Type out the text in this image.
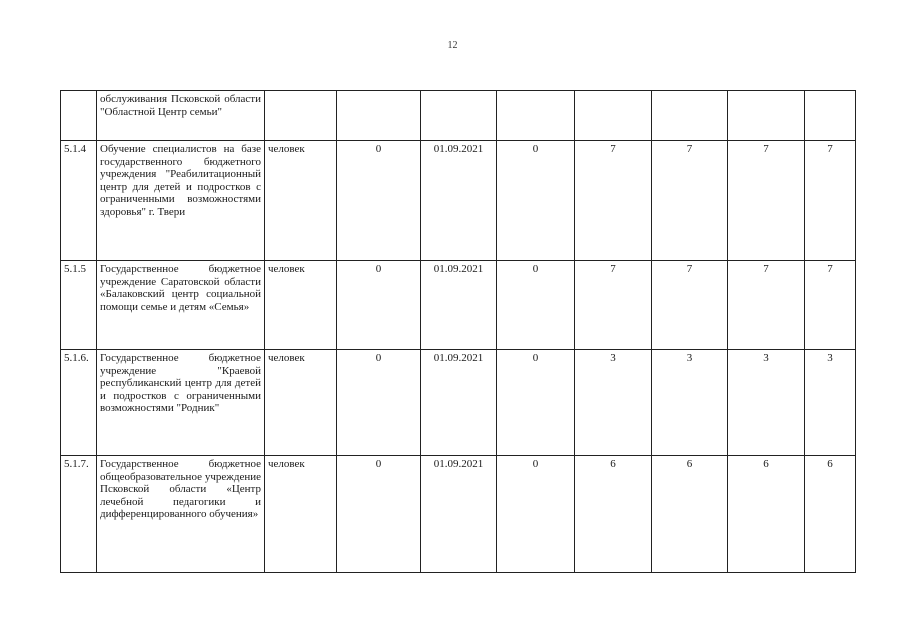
12

	обслуживания Псковской области "Областной Центр семьи"								

5.1.4	Обучение специалистов на базе государственного бюджетного учреждения "Реабилитационный центр для детей и подростков с ограниченными возможностями здоровья" г. Твери	человек	0	01.09.2021	0	7	7	7	7
5.1.5	Государственное бюджетное учреждение Саратовской области «Балаковский центр социальной помощи семье и детям «Семья»	человек	0	01.09.2021	0	7	7	7	7
5.1.6.	Государственное бюджетное учреждение "Краевой республиканский центр для детей и подростков с ограниченными возможностями "Родник"	человек	0	01.09.2021	0	3	3	3	3
5.1.7.	Государственное бюджетное общеобразовательное учреждение Псковской области «Центр лечебной педагогики и дифференцированного обучения»	человек	0	01.09.2021	0	6	6	6	6
